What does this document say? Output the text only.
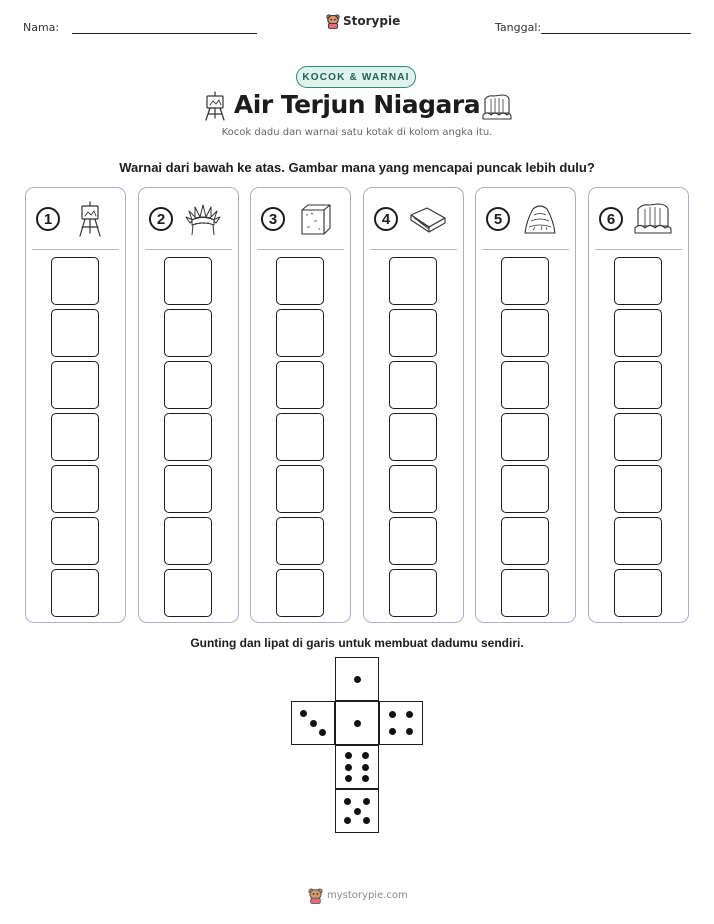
Nama:	Storypie	Tanggal:
KOCOK & WARNAI
Air Terjun Niagara
Kocok dadu dan warnai satu kotak di kolom angka itu.
Warnai dari bawah ke atas. Gambar mana yang mencapai puncak lebih dulu?
1	2	3	4	5	6
Gunting dan lipat di garis untuk membuat dadumu sendiri.
mystorypie.com
